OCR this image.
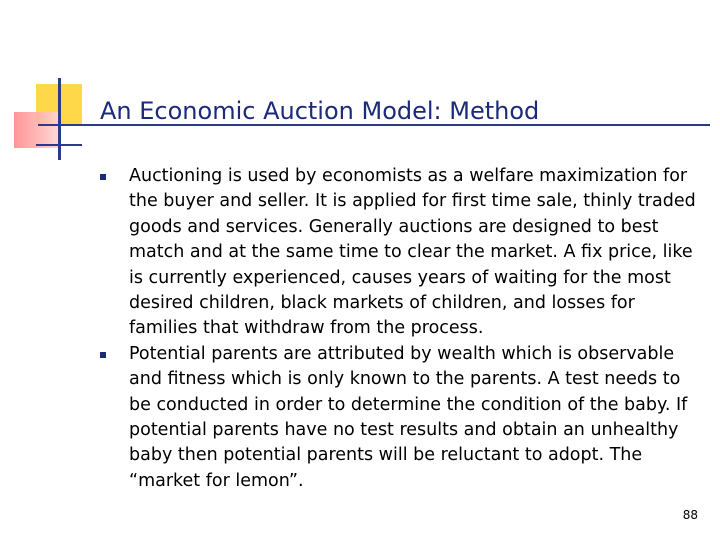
An Economic Auction Model: Method
Auctioning is used by economists as a welfare maximization for the buyer and seller. It is applied for first time sale, thinly traded goods and services. Generally auctions are designed to best match and at the same time to clear the market. A fix price, like is currently experienced, causes years of waiting for the most desired children, black markets of children, and losses for families that withdraw from the process.
Potential parents are attributed by wealth which is observable and fitness which is only known to the parents. A test needs to be conducted in order to determine the condition of the baby. If potential parents have no test results and obtain an unhealthy baby then potential parents will be reluctant to adopt. The “market for lemon”.
88
